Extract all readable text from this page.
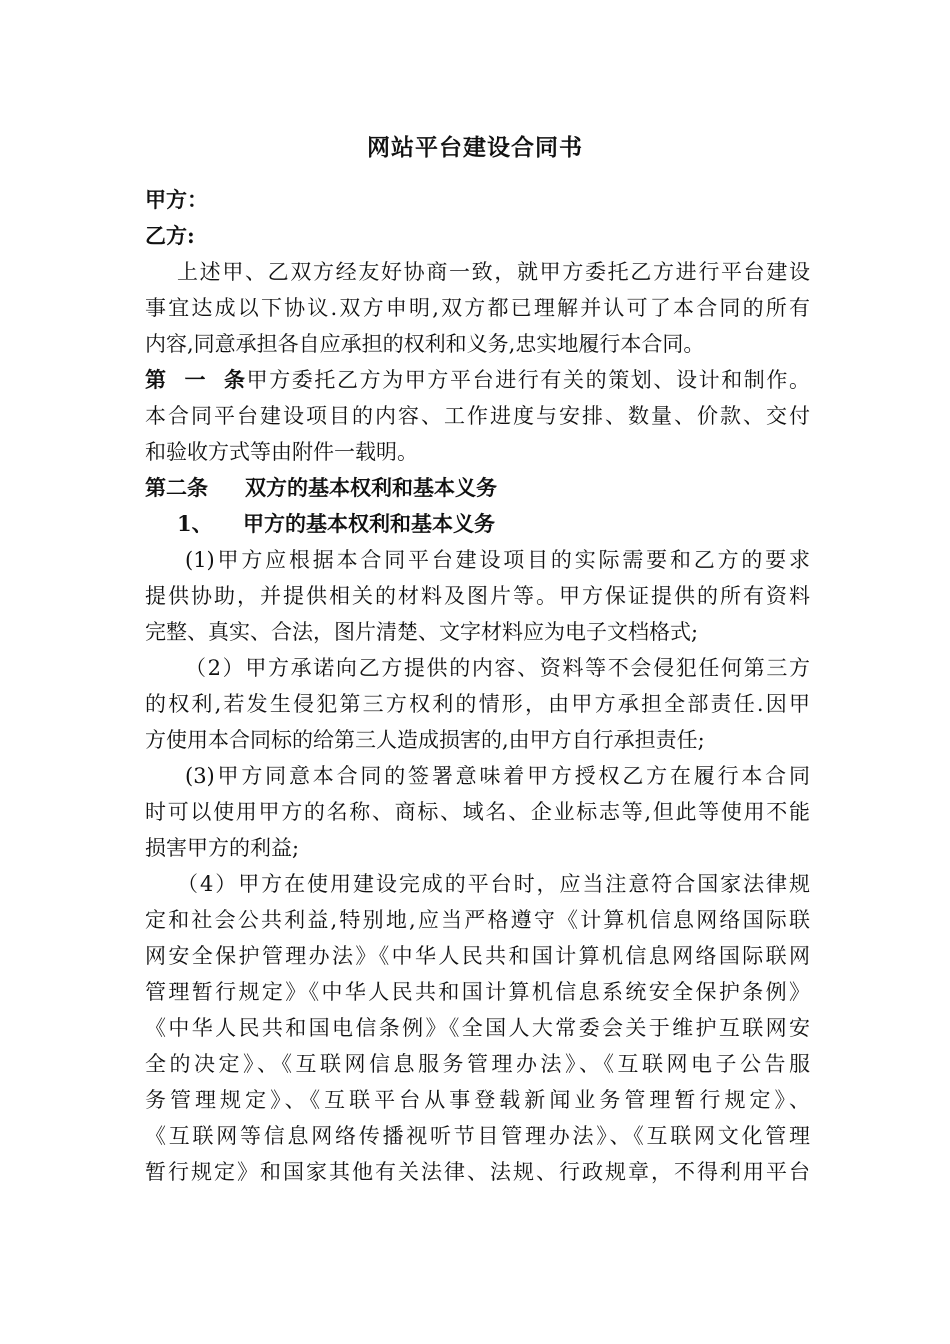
网站平台建设合同书
甲方：
乙方:
上述甲、乙双方经友好协商一致，就甲方委托乙方进行平台建设
事宜达成以下协议.双方申明,双方都已理解并认可了本合同的所有
内容,同意承担各自应承担的权利和义务,忠实地履行本合同。
第一条甲方委托乙方为甲方平台进行有关的策划、设计和制作。
本合同平台建设项目的内容、工作进度与安排、数量、价款、交付
和验收方式等由附件一载明。
第二条 双方的基本权利和基本义务
1、 甲方的基本权利和基本义务
(1)甲方应根据本合同平台建设项目的实际需要和乙方的要求
提供协助，并提供相关的材料及图片等。甲方保证提供的所有资料
完整、真实、合法，图片清楚、文字材料应为电子文档格式;
（2）甲方承诺向乙方提供的内容、资料等不会侵犯任何第三方
的权利,若发生侵犯第三方权利的情形，由甲方承担全部责任.因甲
方使用本合同标的给第三人造成损害的,由甲方自行承担责任;
(3)甲方同意本合同的签署意味着甲方授权乙方在履行本合同
时可以使用甲方的名称、商标、域名、企业标志等,但此等使用不能
损害甲方的利益;
（4）甲方在使用建设完成的平台时，应当注意符合国家法律规
定和社会公共利益,特别地,应当严格遵守《计算机信息网络国际联
网安全保护管理办法》《中华人民共和国计算机信息网络国际联网
管理暂行规定》《中华人民共和国计算机信息系统安全保护条例》
《中华人民共和国电信条例》《全国人大常委会关于维护互联网安
全的决定》、《互联网信息服务管理办法》、《互联网电子公告服
务管理规定》、《互联平台从事登载新闻业务管理暂行规定》、
《互联网等信息网络传播视听节目管理办法》、《互联网文化管理
暂行规定》和国家其他有关法律、法规、行政规章，不得利用平台
